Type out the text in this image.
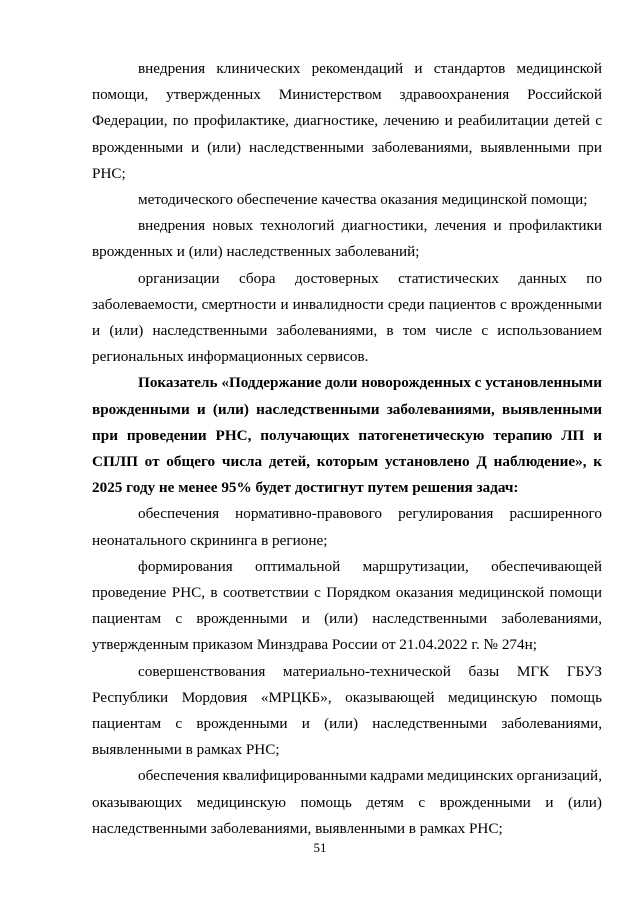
внедрения клинических рекомендаций и стандартов медицинской
помощи, утвержденных Министерством здравоохранения Российской
Федерации, по профилактике, диагностике, лечению и реабилитации детей с
врожденными и (или) наследственными заболеваниями, выявленными при
РНС;
методического обеспечение качества оказания медицинской помощи;
внедрения новых технологий диагностики, лечения и профилактики
врожденных и (или) наследственных заболеваний;
организации сбора достоверных статистических данных по
заболеваемости, смертности и инвалидности среди пациентов с врожденными
и (или) наследственными заболеваниями, в том числе с использованием
региональных информационных сервисов.
Показатель «Поддержание доли новорожденных с установленными
врожденными и (или) наследственными заболеваниями, выявленными
при проведении РНС, получающих патогенетическую терапию ЛП и
СПЛП от общего числа детей, которым установлено Д наблюдение», к
2025 году не менее 95% будет достигнут путем решения задач:
обеспечения нормативно-правового регулирования расширенного
неонатального скрининга в регионе;
формирования оптимальной маршрутизации, обеспечивающей
проведение РНС, в соответствии с Порядком оказания медицинской помощи
пациентам с врожденными и (или) наследственными заболеваниями,
утвержденным приказом Минздрава России от 21.04.2022 г. № 274н;
совершенствования материально-технической базы МГК ГБУЗ
Республики Мордовия «МРЦКБ», оказывающей медицинскую помощь
пациентам с врожденными и (или) наследственными заболеваниями,
выявленными в рамках РНС;
обеспечения квалифицированными кадрами медицинских организаций,
оказывающих медицинскую помощь детям с врожденными и (или)
наследственными заболеваниями, выявленными в рамках РНС;
51
